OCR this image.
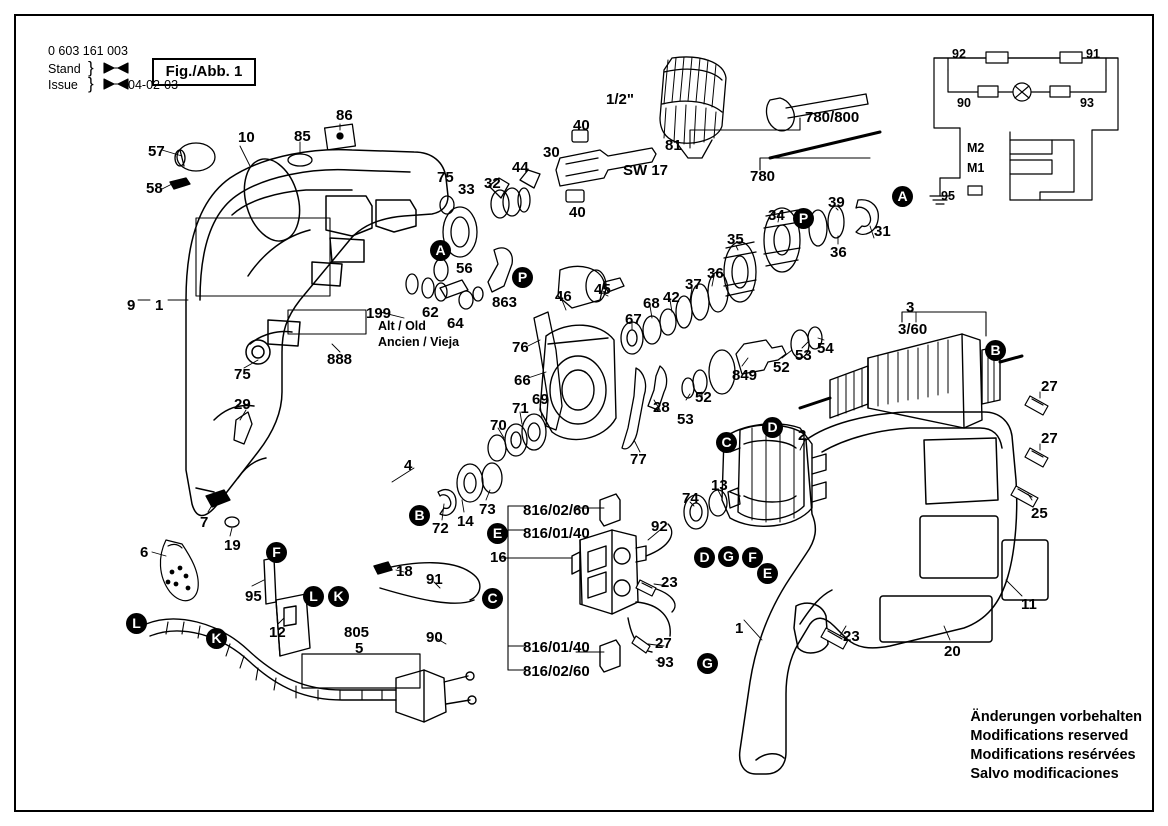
0 603 161 003
Stand
Issue	04-02-03
}
}
Fig./Abb. 1
57
10	85
86
58
75
33 32
44
30
40
40
81
9 1	199
56
62
64
863
75
888
29
7
19
6
4
72 14
73
70
71
69
66
76
46 45
67
68 42
37
36
35
34
39
31
36
28
52
53
849 52
53 54
77
3
2
13
74
16
92
23
27
93
18 91
95
12	805
5
90
27
27
25
11
20
23
1
1/2"
SW 17
780/800
780
816/02/60
816/01/40
816/01/40
816/02/60
3/60
Alt / Old
Ancien / Vieja
92	91
90	93
M2
M1
95
A
P
A
P
B
D
C
B
E
F
L	K	C
D G	F
E
L
K
G
Änderungen vorbehalten
Modifications reserved
Modifications resérvées
Salvo modificaciones
